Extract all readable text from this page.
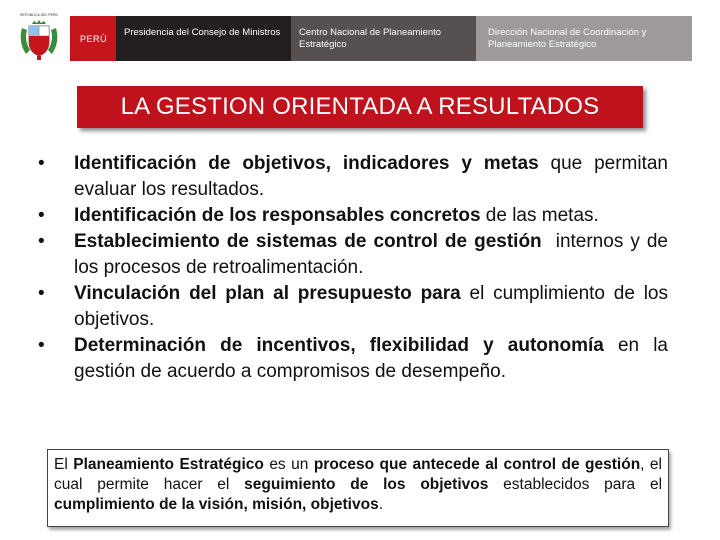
REPÚBLICA DEL PERÚ
PERÚ
Presidencia del Consejo de Ministros	Centro Nacional de Planeamiento Estratégico
Dirección Nacional de Coordinación y Planeamiento Estratégico
LA GESTION ORIENTADA A RESULTADOS
• Identificación de objetivos, indicadores y metas que permitan evaluar los resultados.
• Identificación de los responsables concretos de las metas.
• Establecimiento de sistemas de control de gestión  internos y de los procesos de retroalimentación.
• Vinculación del plan al presupuesto para el cumplimiento de los objetivos.
• Determinación de incentivos, flexibilidad y autonomía en la gestión de acuerdo a compromisos de desempeño.
El Planeamiento Estratégico es un proceso que antecede al control de gestión, el cual permite hacer el seguimiento de los objetivos establecidos para el cumplimiento de la visión, misión, objetivos.
